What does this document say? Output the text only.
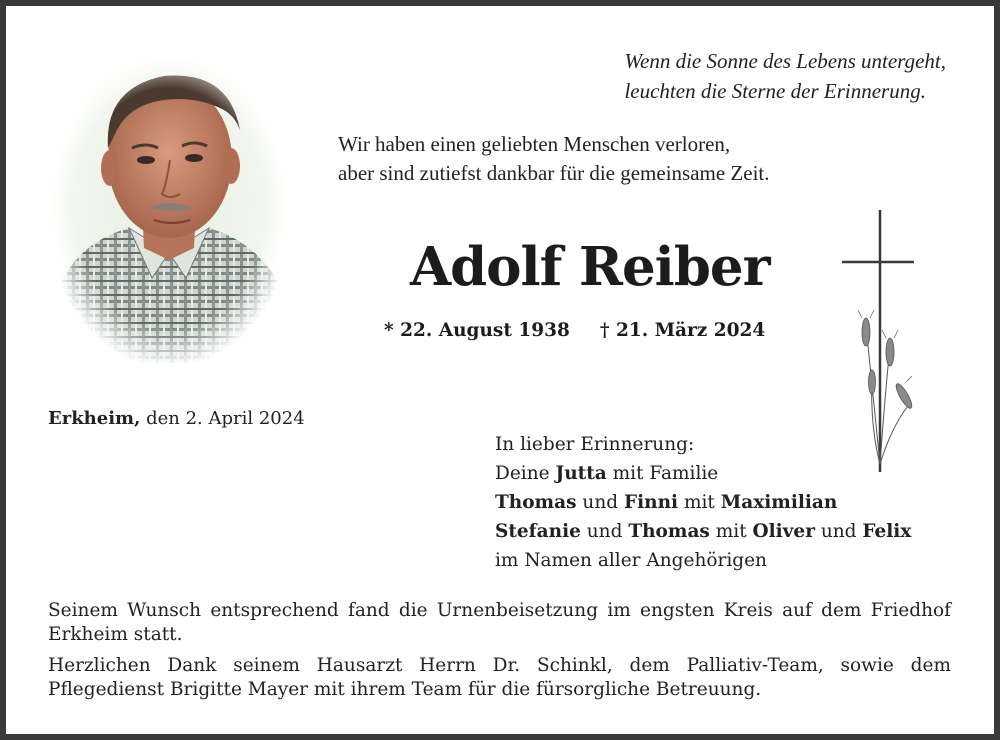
Wenn die Sonne des Lebens untergeht,
leuchten die Sterne der Erinnerung.
Wir haben einen geliebten Menschen verloren,
aber sind zutiefst dankbar für die gemeinsame Zeit.
Adolf Reiber
* 22. August 1938 † 21. März 2024
Erkheim, den 2. April 2024
In lieber Erinnerung:
Deine Jutta mit Familie
Thomas und Finni mit Maximilian
Stefanie und Thomas mit Oliver und Felix
im Namen aller Angehörigen

Seinem Wunsch entsprechend fand die Urnenbeisetzung im engsten Kreis auf dem Friedhof Erkheim statt.

Herzlichen Dank seinem Hausarzt Herrn Dr. Schinkl, dem Palliativ-Team, sowie dem Pflegedienst Brigitte Mayer mit ihrem Team für die fürsorgliche Betreuung.
